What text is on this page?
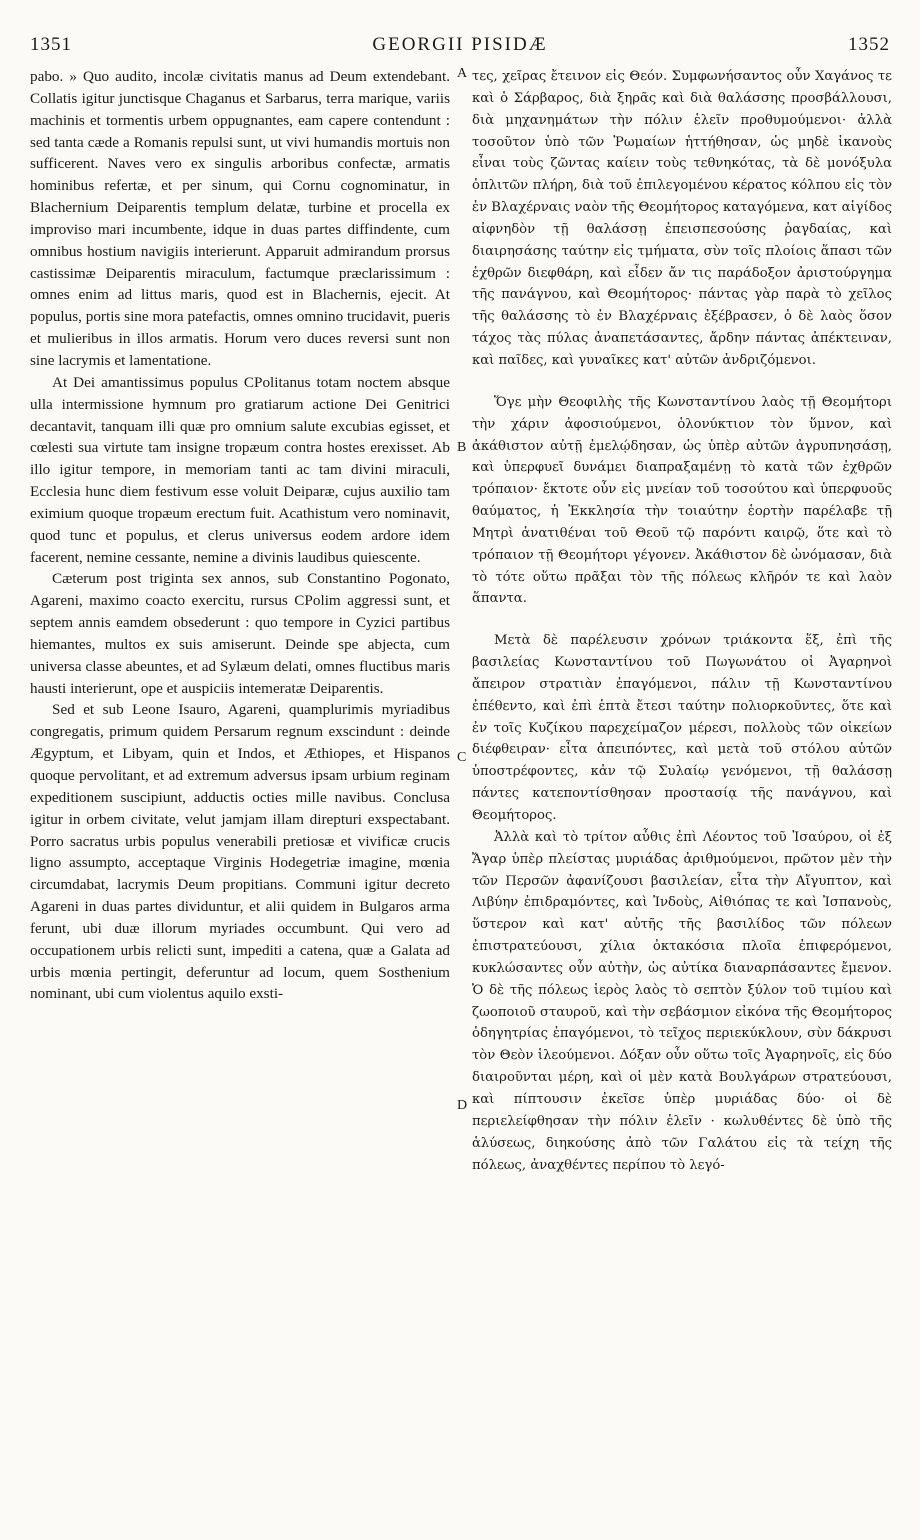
1351	GEORGII PISIDÆ	1352

pabo. » Quo audito, incolæ civitatis manus ad Deum extendebant. Collatis igitur junctisque Chaganus et Sarbarus, terra marique, variis machinis et tormentis urbem oppugnantes, eam capere contendunt : sed tanta cæde a Romanis repulsi sunt, ut vivi humandis mortuis non sufficerent. Naves vero ex singulis arboribus confectæ, armatis hominibus refertæ, et per sinum, qui Cornu cognominatur, in Blachernium Deiparentis templum delatæ, turbine et procella ex improviso mari incumbente, idque in duas partes diffindente, cum omnibus hostium navigiis interierunt. Apparuit admirandum prorsus castissimæ Deiparentis miraculum, factumque præclarissimum : omnes enim ad littus maris, quod est in Blachernis, ejecit. At populus, portis sine mora patefactis, omnes omnino trucidavit, pueris et mulieribus in illos armatis. Horum vero duces reversi sunt non sine lacrymis et lamentatione.

At Dei amantissimus populus CPolitanus totam noctem absque ulla intermissione hymnum pro gratiarum actione Dei Genitrici decantavit, tanquam illi quæ pro omnium salute excubias egisset, et cœlesti sua virtute tam insigne tropæum contra hostes erexisset. Ab illo igitur tempore, in memoriam tanti ac tam divini miraculi, Ecclesia hunc diem festivum esse voluit Deiparæ, cujus auxilio tam eximium quoque tropæum erectum fuit. Acathistum vero nominavit, quod tunc et populus, et clerus universus eodem ardore idem facerent, nemine cessante, nemine a divinis laudibus quiescente.

Cæterum post triginta sex annos, sub Constantino Pogonato, Agareni, maximo coacto exercitu, rursus CPolim aggressi sunt, et septem annis eamdem obsederunt : quo tempore in Cyzici partibus hiemantes, multos ex suis amiserunt. Deinde spe abjecta, cum universa classe abeuntes, et ad Sylæum delati, omnes fluctibus maris hausti interierunt, ope et auspiciis intemeratæ Deiparentis.

Sed et sub Leone Isauro, Agareni, quamplurimis myriadibus congregatis, primum quidem Persarum regnum exscindunt : deinde Ægyptum, et Libyam, quin et Indos, et Æthiopes, et Hispanos quoque pervolitant, et ad extremum adversus ipsam urbium reginam expeditionem suscipiunt, adductis octies mille navibus. Conclusa igitur in orbem civitate, velut jamjam illam direpturi exspectabant. Porro sacratus urbis populus venerabili pretiosæ et vivificæ crucis ligno assumpto, acceptaque Virginis Hodegetriæ imagine, mœnia circumdabat, lacrymis Deum propitians. Communi igitur decreto Agareni in duas partes dividuntur, et alii quidem in Bulgaros arma ferunt, ubi duæ illorum myriades occumbunt. Qui vero ad occupationem urbis relicti sunt, impediti a catena, quæ a Galata ad urbis mœnia pertingit, deferuntur ad locum, quem Sosthenium nominant, ubi cum violentus aquilo exsti-

A
B
C
D

τες, χεῖρας ἔτεινον εἰς Θεόν. Συμφωνήσαντος οὖν Χαγάνος τε καὶ ὁ Σάρβαρος, διὰ ξηρᾶς καὶ διὰ θαλάσσης προσβάλλουσι, διὰ μηχανημάτων τὴν πόλιν ἑλεῖν προθυμούμενοι· ἀλλὰ τοσοῦτον ὑπὸ τῶν Ῥωμαίων ἡττήθησαν, ὡς μηδὲ ἱκανοὺς εἶναι τοὺς ζῶντας καίειν τοὺς τεθνηκότας, τὰ δὲ μονόξυλα ὁπλιτῶν πλήρη, διὰ τοῦ ἐπιλεγομένου κέρατος κόλπου εἰς τὸν ἐν Βλαχέρναις ναὸν τῆς Θεομήτορος καταγόμενα, κατ αἰγίδος αἰφνηδὸν τῇ θαλάσσῃ ἐπεισπεσούσης ῥαγδαίας, καὶ διαιρησάσης ταύτην εἰς τμήματα, σὺν τοῖς πλοίοις ἅπασι τῶν ἐχθρῶν διεφθάρη, καὶ εἶδεν ἄν τις παράδοξον ἀριστούργημα τῆς πανάγνου, καὶ Θεομήτορος· πάντας γὰρ παρὰ τὸ χεῖλος τῆς θαλάσσης τὸ ἐν Βλαχέρναις ἐξέβρασεν, ὁ δὲ λαὸς ὅσον τάχος τὰς πύλας ἀναπετάσαντες, ἄρδην πάντας ἀπέκτειναν, καὶ παῖδες, καὶ γυναῖκες κατ' αὐτῶν ἀνδριζόμενοι.

Ὅγε μὴν Θεοφιλὴς τῆς Κωνσταντίνου λαὸς τῇ Θεομήτορι τὴν χάριν ἀφοσιούμενοι, ὁλονύκτιον τὸν ὕμνον, καὶ ἀκάθιστον αὐτῇ ἐμελῴδησαν, ὡς ὑπὲρ αὐτῶν ἀγρυπνησάσῃ, καὶ ὑπερφυεῖ δυνάμει διαπραξαμένῃ τὸ κατὰ τῶν ἐχθρῶν τρόπαιον· ἔκτοτε οὖν εἰς μνείαν τοῦ τοσούτου καὶ ὑπερφυοῦς θαύματος, ἡ Ἐκκλησία τὴν τοιαύτην ἑορτὴν παρέλαβε τῇ Μητρὶ ἀνατιθέναι τοῦ Θεοῦ τῷ παρόντι καιρῷ, ὅτε καὶ τὸ τρόπαιον τῇ Θεομήτορι γέγονεν. Ἀκάθιστον δὲ ὠνόμασαν, διὰ τὸ τότε οὕτω πρᾶξαι τὸν τῆς πόλεως κλῆρόν τε καὶ λαὸν ἅπαντα.

Μετὰ δὲ παρέλευσιν χρόνων τριάκοντα ἕξ, ἐπὶ τῆς βασιλείας Κωνσταντίνου τοῦ Πωγωνάτου οἱ Ἀγαρηνοὶ ἄπειρον στρατιὰν ἐπαγόμενοι, πάλιν τῇ Κωνσταντίνου ἐπέθεντο, καὶ ἐπὶ ἑπτὰ ἔτεσι ταύτην πολιορκοῦντες, ὅτε καὶ ἐν τοῖς Κυζίκου παρεχείμαζον μέρεσι, πολλοὺς τῶν οἰκείων διέφθειραν· εἶτα ἀπειπόντες, καὶ μετὰ τοῦ στόλου αὐτῶν ὑποστρέφοντες, κἀν τῷ Συλαίῳ γενόμενοι, τῇ θαλάσσῃ πάντες κατεποντίσθησαν προστασίᾳ τῆς πανάγνου, καὶ Θεομήτορος.

Ἀλλὰ καὶ τὸ τρίτον αὖθις ἐπὶ Λέοντος τοῦ Ἰσαύρου, οἱ ἐξ Ἄγαρ ὑπὲρ πλείστας μυριάδας ἀριθμούμενοι, πρῶτον μὲν τὴν τῶν Περσῶν ἀφανίζουσι βασιλείαν, εἶτα τὴν Αἴγυπτον, καὶ Λιβύην ἐπιδραμόντες, καὶ Ἰνδοὺς, Αἰθιόπας τε καὶ Ἰσπανοὺς, ὕστερον καὶ κατ' αὐτῆς τῆς βασιλίδος τῶν πόλεων ἐπιστρατεύουσι, χίλια ὀκτακόσια πλοῖα ἐπιφερόμενοι, κυκλώσαντες οὖν αὐτὴν, ὡς αὐτίκα διαναρπάσαντες ἔμενον. Ὁ δὲ τῆς πόλεως ἱερὸς λαὸς τὸ σεπτὸν ξύλον τοῦ τιμίου καὶ ζωοποιοῦ σταυροῦ, καὶ τὴν σεβάσμιον εἰκόνα τῆς Θεομήτορος ὁδηγητρίας ἐπαγόμενοι, τὸ τεῖχος περιεκύκλουν, σὺν δάκρυσι τὸν Θεὸν ἱλεούμενοι. Δόξαν οὖν οὕτω τοῖς Ἀγαρηνοῖς, εἰς δύο διαιροῦνται μέρη, καὶ οἱ μὲν κατὰ Βουλγάρων στρατεύουσι, καὶ πίπτουσιν ἐκεῖσε ὑπὲρ μυριάδας δύο· οἱ δὲ περιελείφθησαν τὴν πόλιν ἑλεῖν · κωλυθέντες δὲ ὑπὸ τῆς ἁλύσεως, διηκούσης ἀπὸ τῶν Γαλάτου εἰς τὰ τείχη τῆς πόλεως, ἀναχθέντες περίπου τὸ λεγό-
